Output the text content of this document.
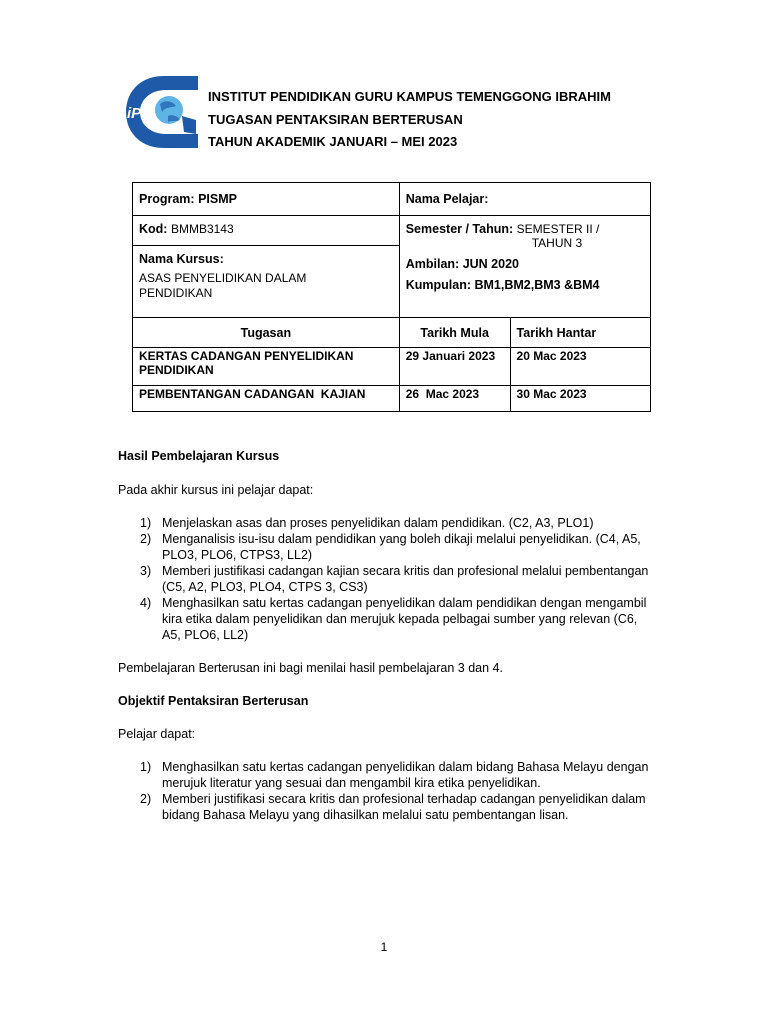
iPG
INSTITUT PENDIDIKAN GURU KAMPUS TEMENGGONG IBRAHIM
TUGASAN PENTAKSIRAN BERTERUSAN
TAHUN AKADEMIK JANUARI – MEI 2023
Program: PISMP	Nama Pelajar:	
Kod: BMMB3143	Semester / Tahun: SEMESTER II /
TAHUN 3
Ambilan: JUN 2020
Kumpulan: BM1,BM2,BM3 &BM4	

Nama Kursus:
ASAS PENYELIDIKAN DALAM
PENDIDIKAN		

Tugasan	Tarikh Mula	Tarikh Hantar
KERTAS CADANGAN PENYELIDIKAN PENDIDIKAN	29 Januari 2023	20 Mac 2023
PEMBENTANGAN CADANGAN  KAJIAN	26  Mac 2023	30 Mac 2023

Hasil Pembelajaran Kursus

Pada akhir kursus ini pelajar dapat:

1) Menjelaskan asas dan proses penyelidikan dalam pendidikan. (C2, A3, PLO1)
2) Menganalisis isu-isu dalam pendidikan yang boleh dikaji melalui penyelidikan. (C4, A5, PLO3, PLO6, CTPS3, LL2)
3) Memberi justifikasi cadangan kajian secara kritis dan profesional melalui pembentangan (C5, A2, PLO3, PLO4, CTPS 3, CS3)
4) Menghasilkan satu kertas cadangan penyelidikan dalam pendidikan dengan mengambil kira etika dalam penyelidikan dan merujuk kepada pelbagai sumber yang relevan (C6, A5, PLO6, LL2)

Pembelajaran Berterusan ini bagi menilai hasil pembelajaran 3 dan 4.

Objektif Pentaksiran Berterusan

Pelajar dapat:

1) Menghasilkan satu kertas cadangan penyelidikan dalam bidang Bahasa Melayu dengan merujuk literatur yang sesuai dan mengambil kira etika penyelidikan.
2) Memberi justifikasi secara kritis dan profesional terhadap cadangan penyelidikan dalam bidang Bahasa Melayu yang dihasilkan melalui satu pembentangan lisan.
1
